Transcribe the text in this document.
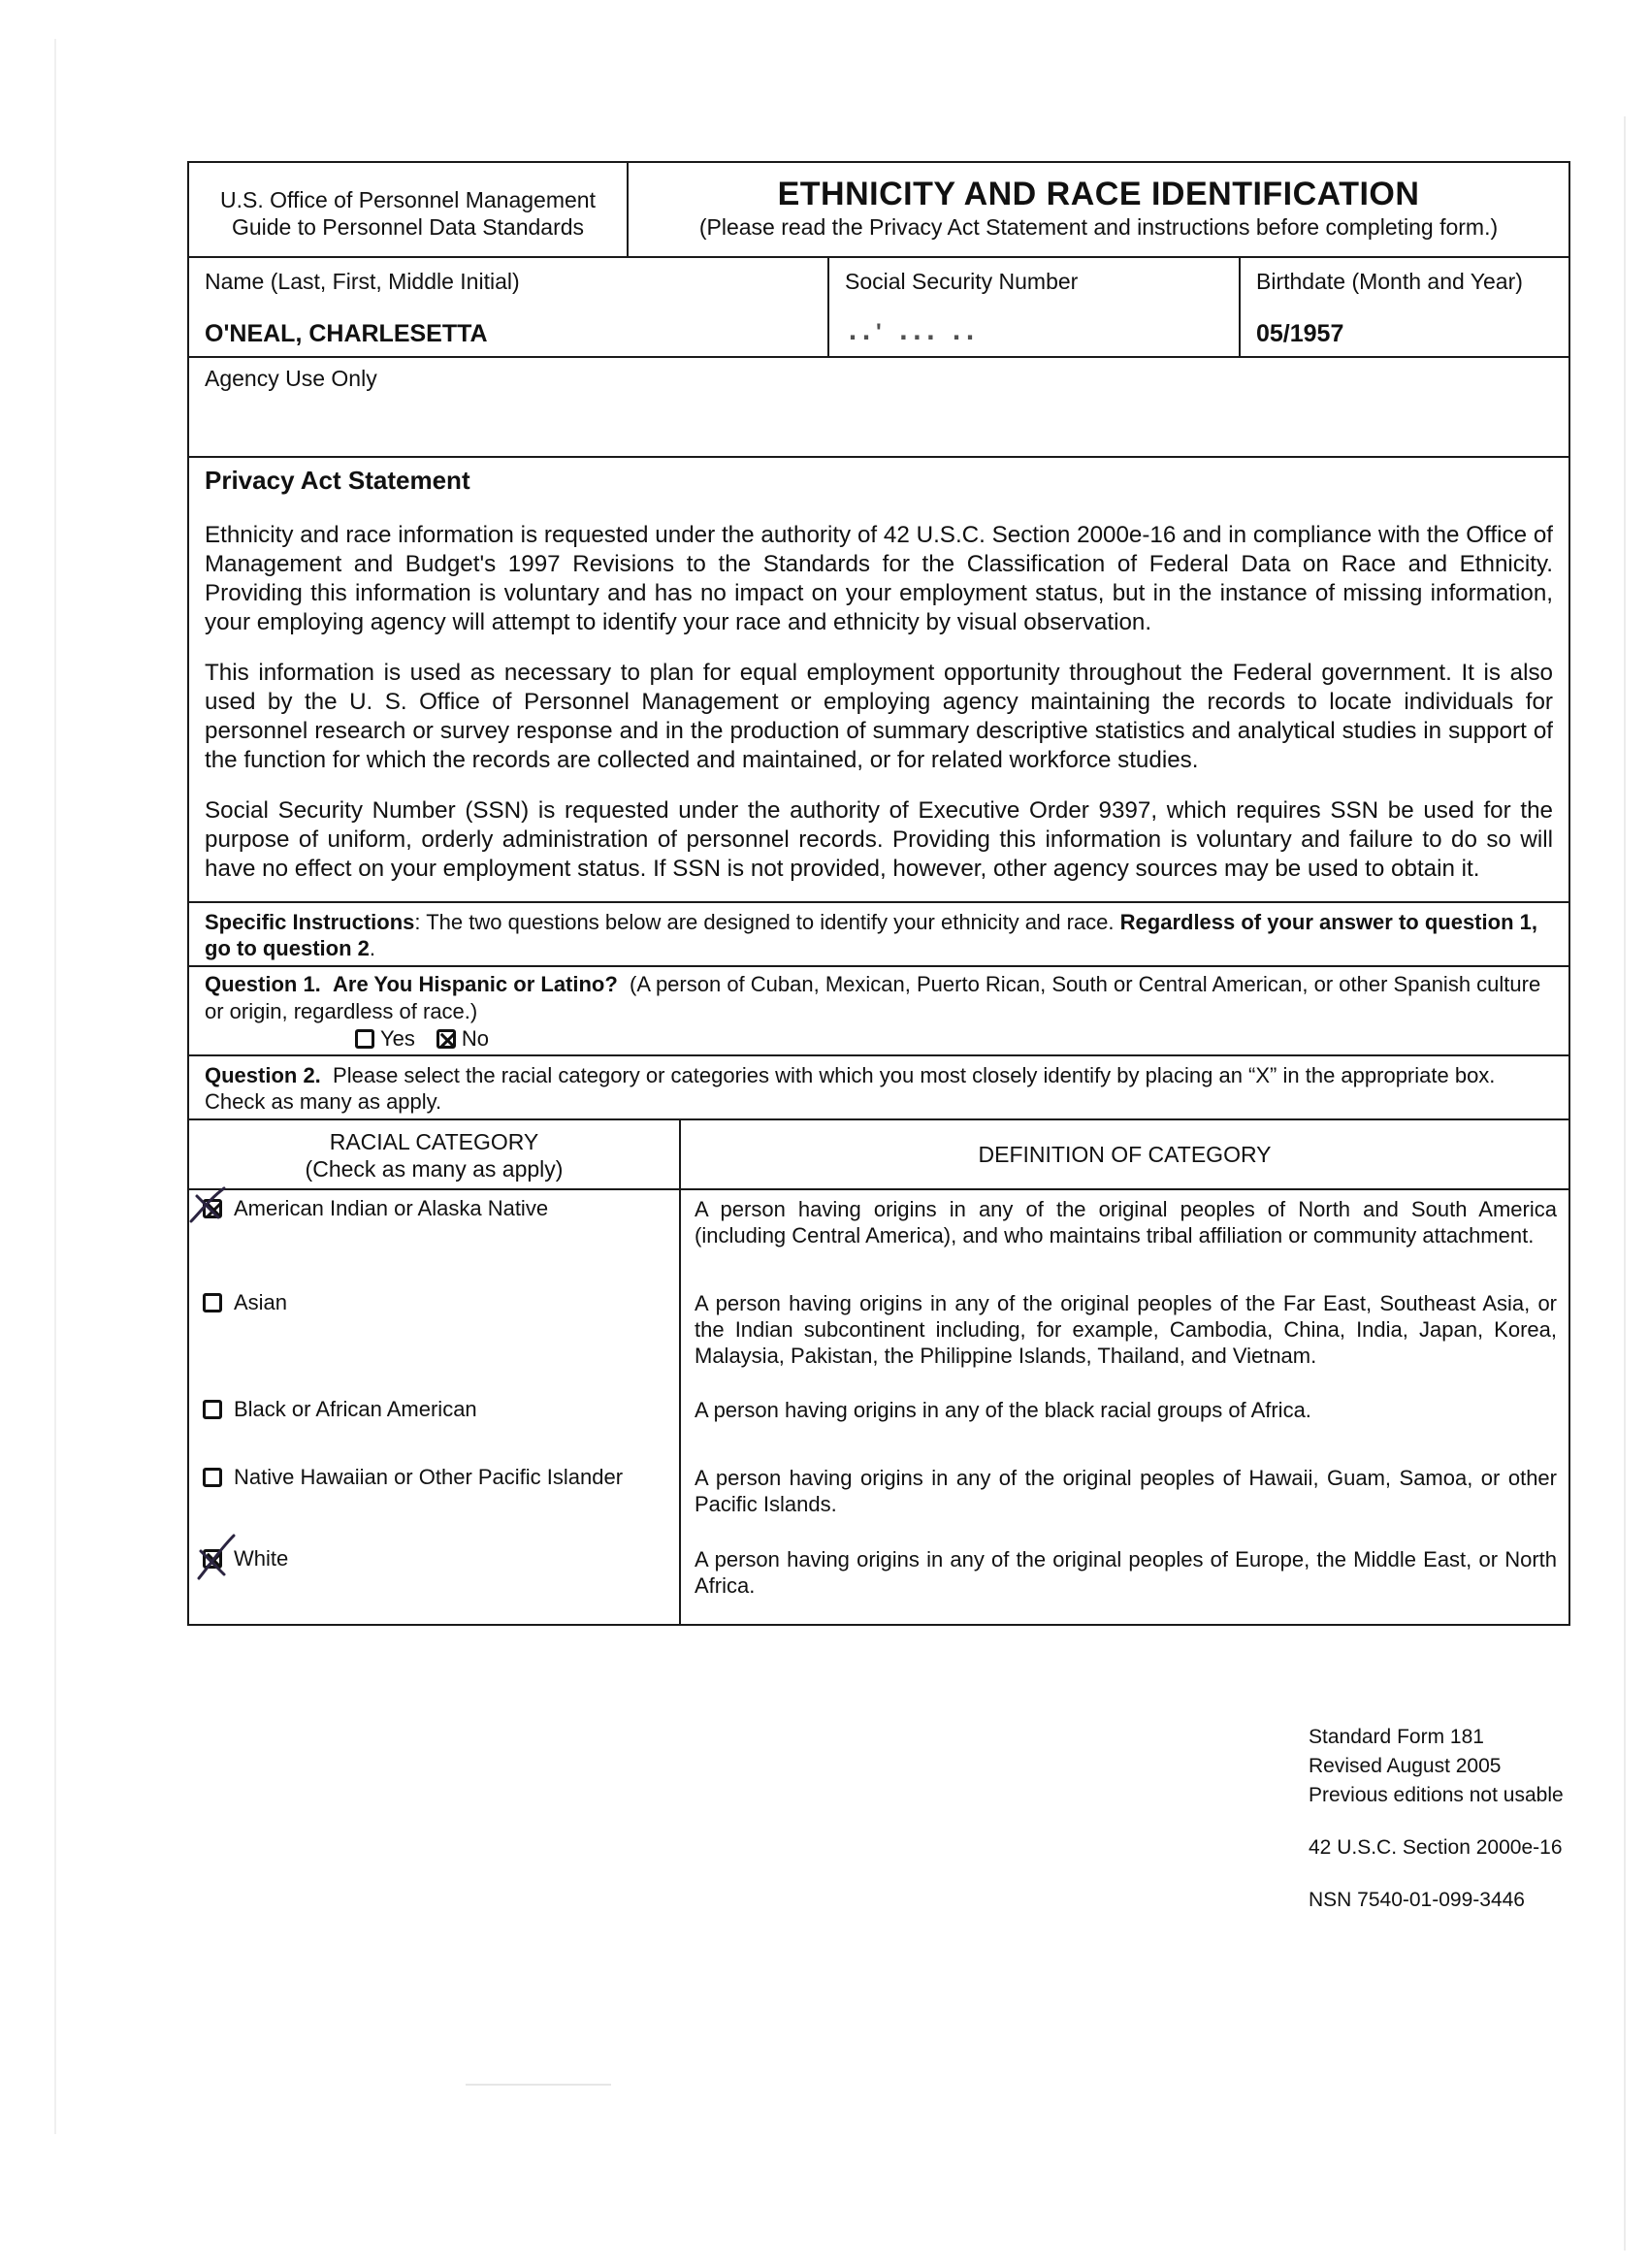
U.S. Office of Personnel Management
Guide to Personnel Data Standards
ETHNICITY AND RACE IDENTIFICATION
(Please read the Privacy Act Statement and instructions before completing form.)
Name (Last, First, Middle Initial)
O'NEAL, CHARLESETTA
Social Security Number
․․' ․․․ ․․
Birthdate (Month and Year)
05/1957
Agency Use Only
Privacy Act Statement

Ethnicity and race information is requested under the authority of 42 U.S.C. Section 2000e-16 and in compliance with the Office of Management and Budget's 1997 Revisions to the Standards for the Classification of Federal Data on Race and Ethnicity. Providing this information is voluntary and has no impact on your employment status, but in the instance of missing information, your employing agency will attempt to identify your race and ethnicity by visual observation.

This information is used as necessary to plan for equal employment opportunity throughout the Federal government. It is also used by the U. S. Office of Personnel Management or employing agency maintaining the records to locate individuals for personnel research or survey response and in the production of summary descriptive statistics and analytical studies in support of the function for which the records are collected and maintained, or for related workforce studies.

Social Security Number (SSN) is requested under the authority of Executive Order 9397, which requires SSN be used for the purpose of uniform, orderly administration of personnel records. Providing this information is voluntary and failure to do so will have no effect on your employment status. If SSN is not provided, however, other agency sources may be used to obtain it.

Specific Instructions: The two questions below are designed to identify your ethnicity and race. Regardless of your answer to question 1, go to question 2.
Question 1. Are You Hispanic or Latino? (A person of Cuban, Mexican, Puerto Rican, South or Central American, or other Spanish culture or origin, regardless of race.)
Yes No
Question 2. Please select the racial category or categories with which you most closely identify by placing an “X” in the appropriate box. Check as many as apply.
RACIAL CATEGORY
(Check as many as apply)
DEFINITION OF CATEGORY
American Indian or Alaska Native
Asian
Black or African American
Native Hawaiian or Other Pacific Islander
White
A person having origins in any of the original peoples of North and South America (including Central America), and who maintains tribal affiliation or community attachment.
A person having origins in any of the original peoples of the Far East, Southeast Asia, or the Indian subcontinent including, for example, Cambodia, China, India, Japan, Korea, Malaysia, Pakistan, the Philippine Islands, Thailand, and Vietnam.
A person having origins in any of the black racial groups of Africa.
A person having origins in any of the original peoples of Hawaii, Guam, Samoa, or other Pacific Islands.
A person having origins in any of the original peoples of Europe, the Middle East, or North Africa.
Standard Form 181
Revised August 2005
Previous editions not usable
42 U.S.C. Section 2000e-16
NSN 7540-01-099-3446
